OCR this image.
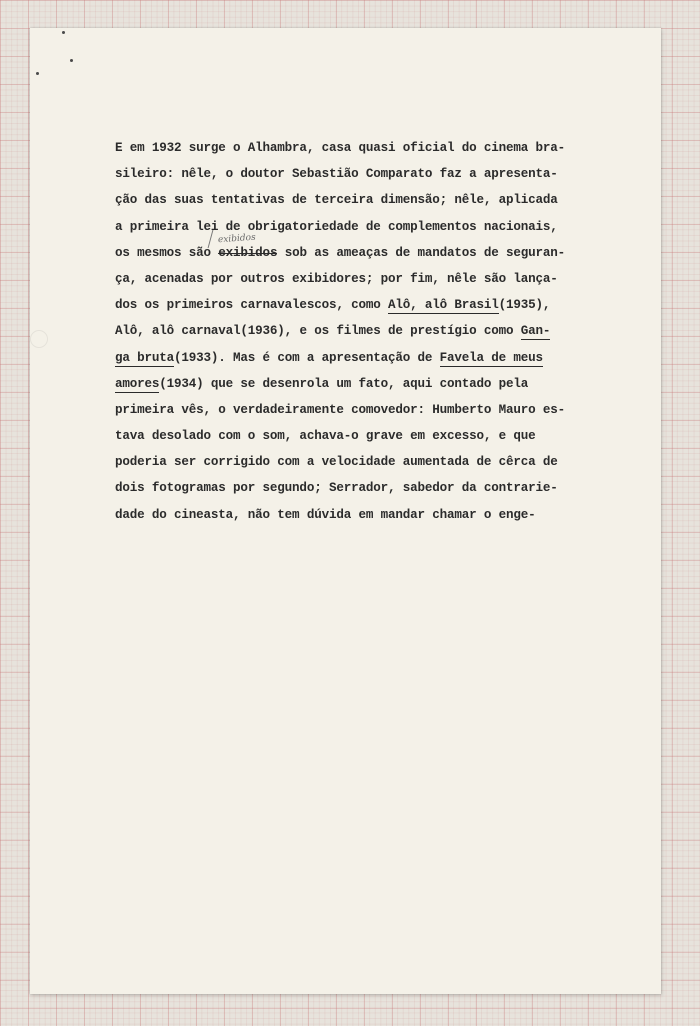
E em 1932 surge o Alhambra, casa quasi oficial do cinema bra-
sileiro: nêle, o doutor Sebastião Comparato faz a apresenta-
ção das suas tentativas de terceira dimensão; nêle, aplicada
a primeira lei de obrigatoriedade de complementos nacionais,
os mesmos são
exibidos
exibidos sob as ameaças de mandatos de seguran-
ça, acenadas por outros exibidores; por fim, nêle são lança-
dos os primeiros carnavalescos, como Alô, alô Brasil(1935),
Alô, alô carnaval(1936), e os filmes de prestígio como Gan-
ga bruta(1933). Mas é com a apresentação de Favela de meus
amores(1934) que se desenrola um fato, aqui contado pela
primeira vês, o verdadeiramente comovedor: Humberto Mauro es-
tava desolado com o som, achava-o grave em excesso, e que
poderia ser corrigido com a velocidade aumentada de cêrca de
dois fotogramas por segundo; Serrador, sabedor da contrarie-
dade do cineasta, não tem dúvida em mandar chamar o enge-
